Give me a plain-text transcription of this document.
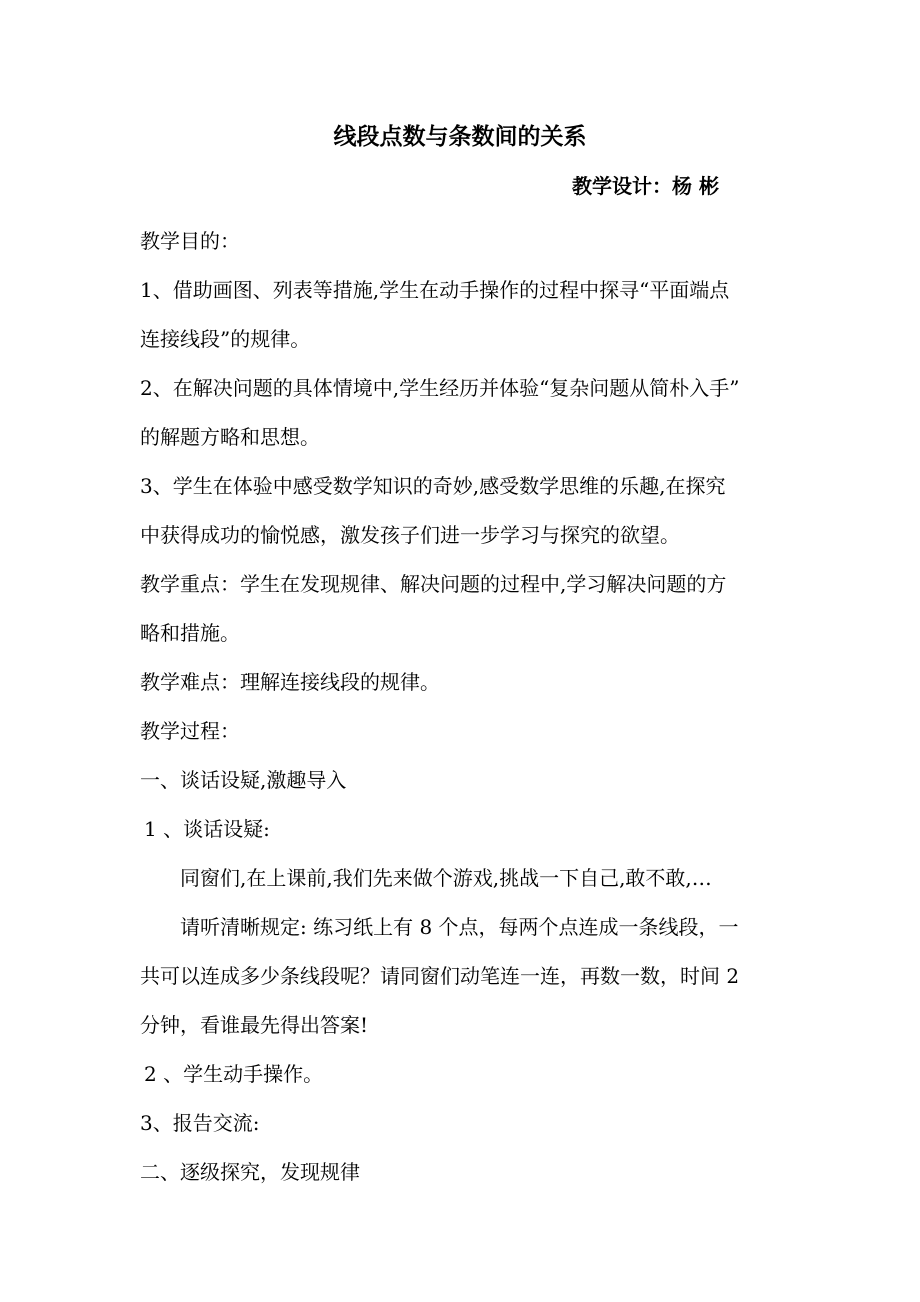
线段点数与条数间的关系
教学设计：杨 彬
教学目的：
1、借助画图、列表等措施,学生在动手操作的过程中探寻“平面端点
连接线段”的规律。
2、在解决问题的具体情境中,学生经历并体验“复杂问题从简朴入手”
的解题方略和思想。
3、学生在体验中感受数学知识的奇妙,感受数学思维的乐趣,在探究
中获得成功的愉悦感，激发孩子们进一步学习与探究的欲望。
教学重点：学生在发现规律、解决问题的过程中,学习解决问题的方
略和措施。
教学难点：理解连接线段的规律。
教学过程：
一、谈话设疑,激趣导入
1 、谈话设疑:
同窗们,在上课前,我们先来做个游戏,挑战一下自己,敢不敢,…
请听清晰规定: 练习纸上有 8 个点，每两个点连成一条线段，一
共可以连成多少条线段呢？请同窗们动笔连一连，再数一数，时间 2
分钟，看谁最先得出答案!
2 、学生动手操作。
3、报告交流:
二、逐级探究，发现规律
